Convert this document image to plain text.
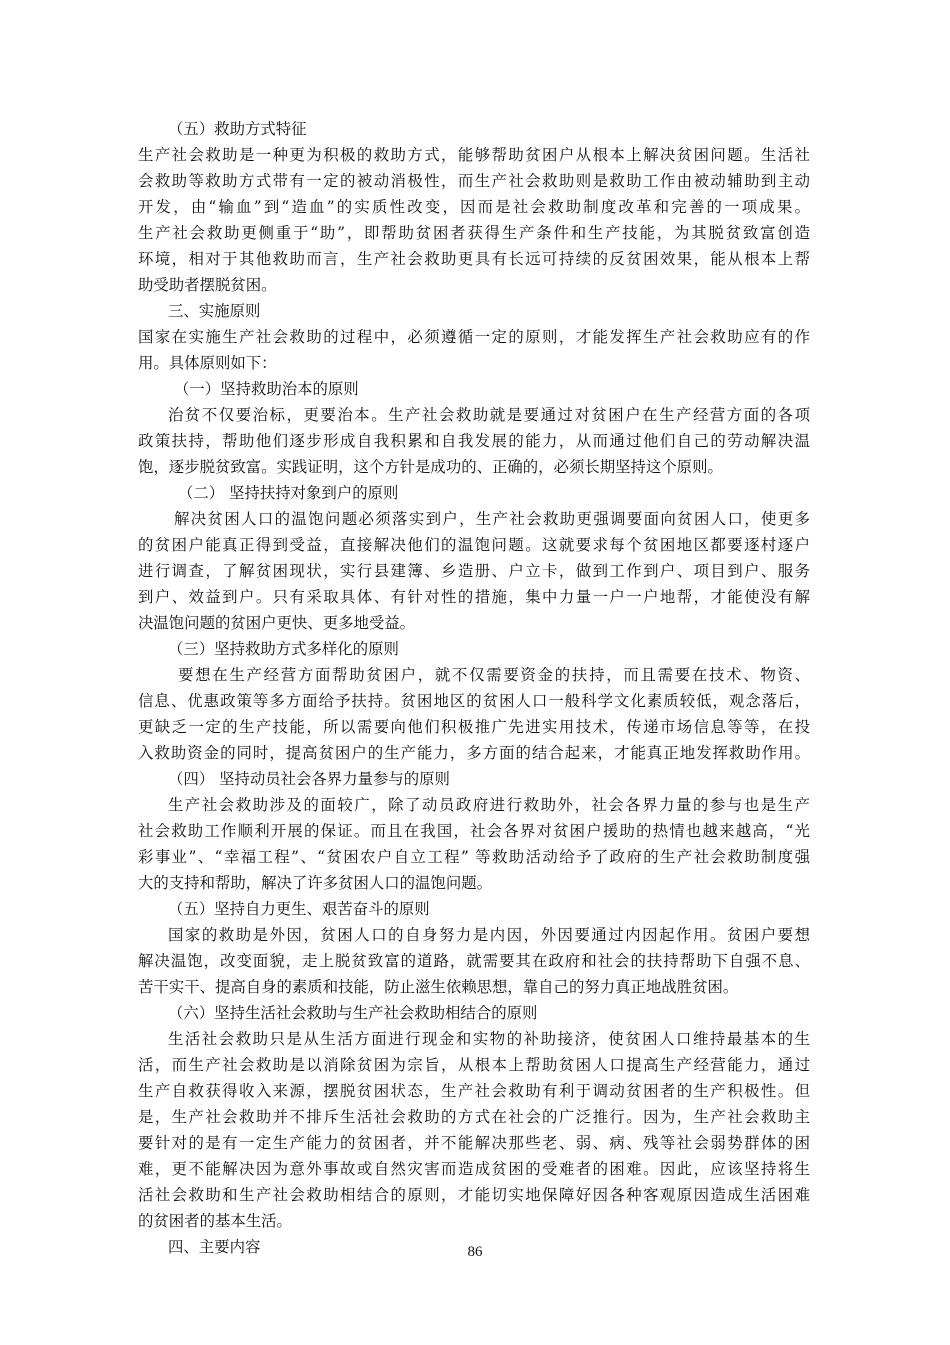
（五）救助方式特征
生产社会救助是一种更为积极的救助方式，能够帮助贫困户从根本上解决贫困问题。生活社
会救助等救助方式带有一定的被动消极性，而生产社会救助则是救助工作由被动辅助到主动
开发，由“输血”到“造血”的实质性改变，因而是社会救助制度改革和完善的一项成果。
生产社会救助更侧重于“助”，即帮助贫困者获得生产条件和生产技能，为其脱贫致富创造
环境，相对于其他救助而言，生产社会救助更具有长远可持续的反贫困效果，能从根本上帮
助受助者摆脱贫困。
三、实施原则
国家在实施生产社会救助的过程中，必须遵循一定的原则，才能发挥生产社会救助应有的作
用。具体原则如下：
（一）坚持救助治本的原则
治贫不仅要治标，更要治本。生产社会救助就是要通过对贫困户在生产经营方面的各项
政策扶持，帮助他们逐步形成自我积累和自我发展的能力，从而通过他们自己的劳动解决温
饱，逐步脱贫致富。实践证明，这个方针是成功的、正确的，必须长期坚持这个原则。
（二） 坚持扶持对象到户的原则
解决贫困人口的温饱问题必须落实到户，生产社会救助更强调要面向贫困人口，使更多
的贫困户能真正得到受益，直接解决他们的温饱问题。这就要求每个贫困地区都要逐村逐户
进行调查，了解贫困现状，实行县建簿、乡造册、户立卡，做到工作到户、项目到户、服务
到户、效益到户。只有采取具体、有针对性的措施，集中力量一户一户地帮，才能使没有解
决温饱问题的贫困户更快、更多地受益。
（三）坚持救助方式多样化的原则
要想在生产经营方面帮助贫困户，就不仅需要资金的扶持，而且需要在技术、物资、
信息、优惠政策等多方面给予扶持。贫困地区的贫困人口一般科学文化素质较低，观念落后，
更缺乏一定的生产技能，所以需要向他们积极推广先进实用技术，传递市场信息等等，在投
入救助资金的同时，提高贫困户的生产能力，多方面的结合起来，才能真正地发挥救助作用。
（四） 坚持动员社会各界力量参与的原则
生产社会救助涉及的面较广，除了动员政府进行救助外，社会各界力量的参与也是生产
社会救助工作顺利开展的保证。而且在我国，社会各界对贫困户援助的热情也越来越高，“光
彩事业”、“幸福工程”、“贫困农户自立工程” 等救助活动给予了政府的生产社会救助制度强
大的支持和帮助，解决了许多贫困人口的温饱问题。
（五）坚持自力更生、艰苦奋斗的原则
国家的救助是外因，贫困人口的自身努力是内因，外因要通过内因起作用。贫困户要想
解决温饱，改变面貌，走上脱贫致富的道路，就需要其在政府和社会的扶持帮助下自强不息、
苦干实干、提高自身的素质和技能，防止滋生依赖思想，靠自己的努力真正地战胜贫困。
（六）坚持生活社会救助与生产社会救助相结合的原则
生活社会救助只是从生活方面进行现金和实物的补助接济，使贫困人口维持最基本的生
活，而生产社会救助是以消除贫困为宗旨，从根本上帮助贫困人口提高生产经营能力，通过
生产自救获得收入来源，摆脱贫困状态，生产社会救助有利于调动贫困者的生产积极性。但
是，生产社会救助并不排斥生活社会救助的方式在社会的广泛推行。因为，生产社会救助主
要针对的是有一定生产能力的贫困者，并不能解决那些老、弱、病、残等社会弱势群体的困
难，更不能解决因为意外事故或自然灾害而造成贫困的受难者的困难。因此，应该坚持将生
活社会救助和生产社会救助相结合的原则，才能切实地保障好因各种客观原因造成生活困难
的贫困者的基本生活。
四、主要内容	86
